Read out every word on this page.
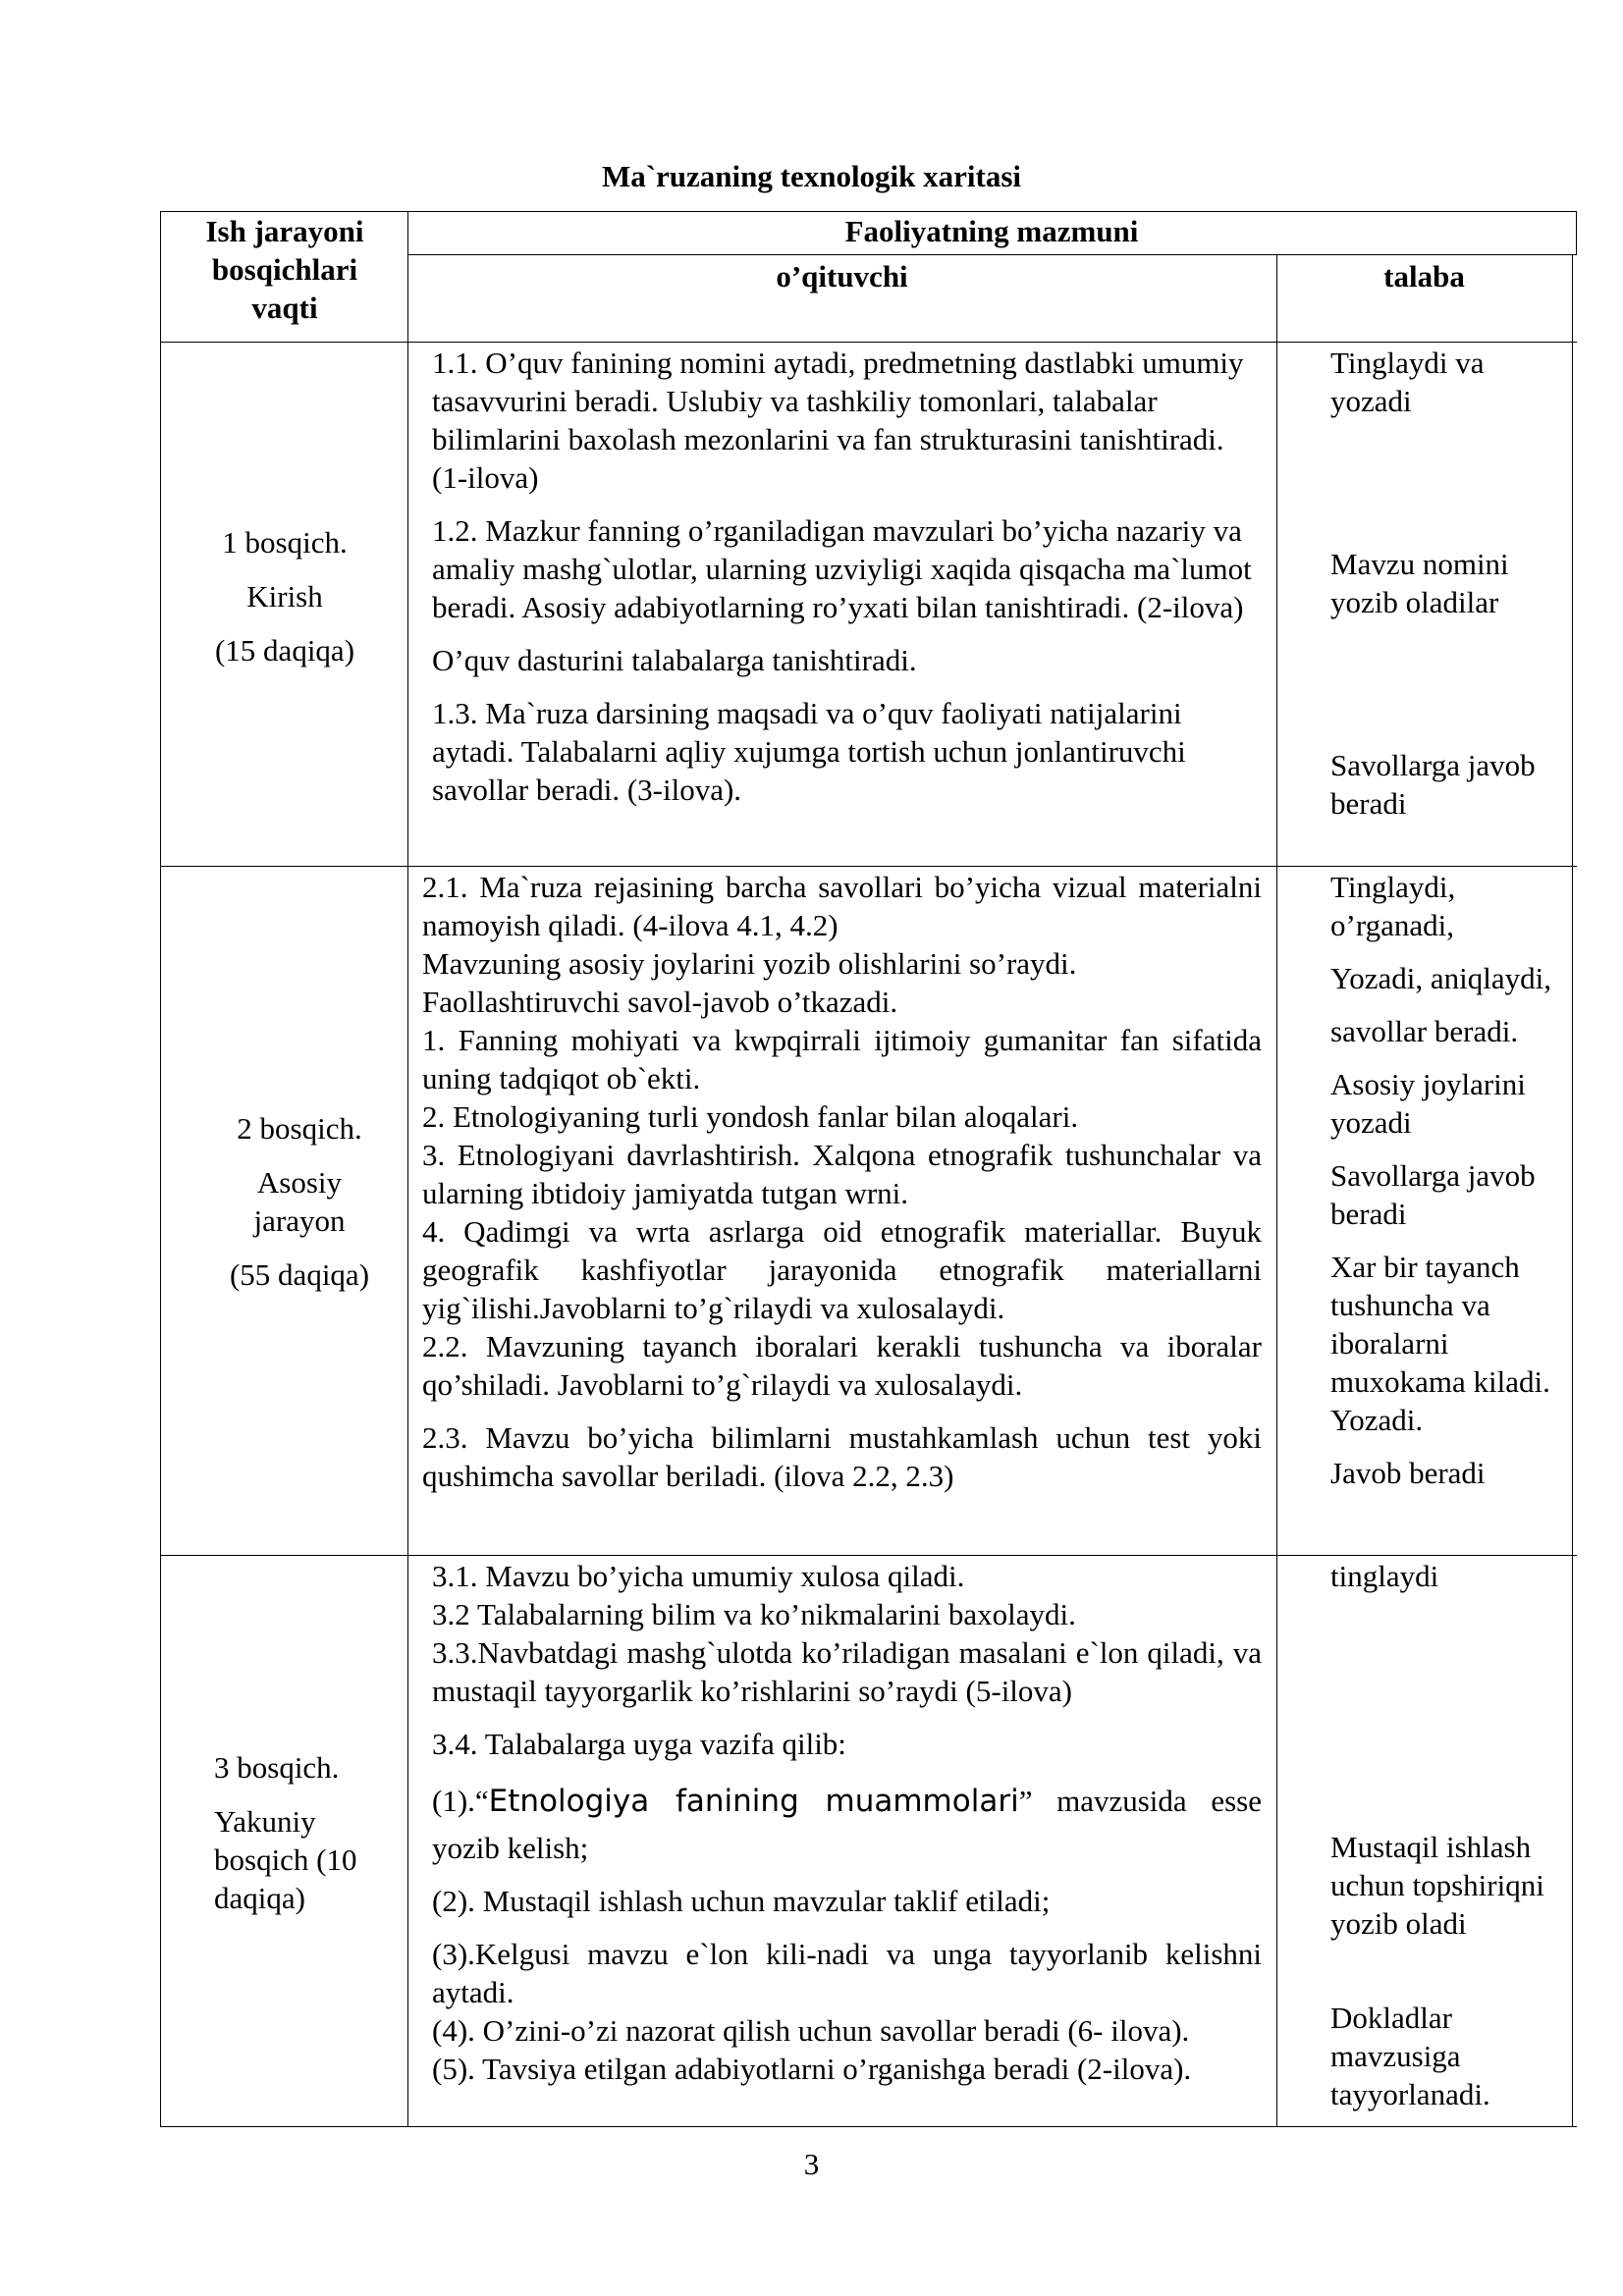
Ma`ruzaning texnologik xaritasi
Ish jarayoni bosqichlari vaqti
Faoliyatning mazmuni
o’qituvchi	talaba

1 bosqich.

Kirish

(15 daqiqa)

1.1. O’quv fanining nomini aytadi, predmetning dastlabki umumiy tasavvurini beradi. Uslubiy va tashkiliy tomonlari, talabalar bilimlarini baxolash mezonlarini va fan strukturasini tanishtiradi. (1-ilova)

1.2. Mazkur fanning o’rganiladigan mavzulari bo’yicha nazariy va amaliy mashg`ulotlar, ularning uzviyligi xaqida qisqacha ma`lumot beradi. Asosiy adabiyotlarning ro’yxati bilan tanishtiradi. (2-ilova)

O’quv dasturini talabalarga tanishtiradi.

1.3. Ma`ruza darsining maqsadi va o’quv faoliyati natijalarini aytadi. Talabalarni aqliy xujumga tortish uchun jonlantiruvchi savollar beradi. (3-ilova).

Tinglaydi va yozadi
Mavzu nomini yozib oladilar
Savollarga javob beradi

2 bosqich.

Asosiy jarayon

(55 daqiqa)

2.1. Ma`ruza rejasining barcha savollari bo’yicha vizual materialni namoyish qiladi. (4-ilova 4.1, 4.2)

Mavzuning asosiy joylarini yozib olishlarini so’raydi.

Faollashtiruvchi savol-javob o’tkazadi.

1. Fanning mohiyati va kwpqirrali ijtimoiy gumanitar fan sifatida uning tadqiqot ob`ekti.

2. Etnologiyaning turli yondosh fanlar bilan aloqalari.

3. Etnologiyani davrlashtirish. Xalqona etnografik tushunchalar va ularning ibtidoiy jamiyatda tutgan wrni.

4. Qadimgi va wrta asrlarga oid etnografik materiallar. Buyuk geografik kashfiyotlar jarayonida etnografik materiallarni yig`ilishi.Javoblarni to’g`rilaydi va xulosalaydi.

2.2. Mavzuning tayanch iboralari kerakli tushuncha va iboralar qo’shiladi. Javoblarni to’g`rilaydi va xulosalaydi.

2.3. Mavzu bo’yicha bilimlarni mustahkamlash uchun test yoki qushimcha savollar beriladi. (ilova 2.2, 2.3)

Tinglaydi, o’rganadi,

Yozadi, aniqlaydi,

savollar beradi.

Asosiy joylarini yozadi

Savollarga javob beradi

Xar bir tayanch tushuncha va iboralarni muxokama kiladi. Yozadi.

Javob beradi

3 bosqich.

Yakuniy bosqich (10 daqiqa)

3.1. Mavzu bo’yicha umumiy xulosa qiladi.

3.2 Talabalarning bilim va ko’nikmalarini baxolaydi.

3.3.Navbatdagi mashg`ulotda ko’riladigan masalani e`lon qiladi, va mustaqil tayyorgarlik ko’rishlarini so’raydi (5-ilova)

3.4. Talabalarga uyga vazifa qilib:

(1).“Etnologiya fanining muammolari” mavzusida esse yozib kelish;

(2). Mustaqil ishlash uchun mavzular taklif etiladi;

(3).Kelgusi mavzu e`lon kili-nadi va unga tayyorlanib kelishni aytadi.

(4). O’zini-o’zi nazorat qilish uchun savollar beradi (6- ilova).

(5). Tavsiya etilgan adabiyotlarni o’rganishga beradi (2-ilova).

tinglaydi
Mustaqil ishlash uchun topshiriqni yozib oladi
Dokladlar mavzusiga tayyorlanadi.
3
